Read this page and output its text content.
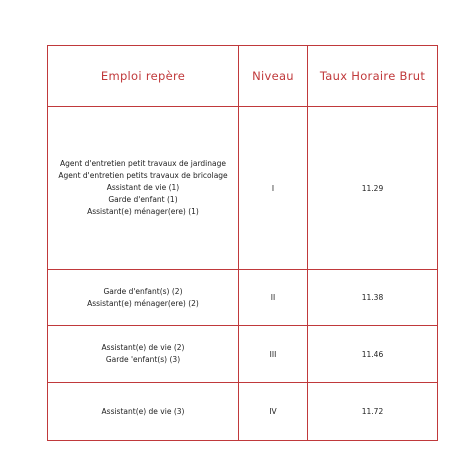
Emploi repère	Niveau	Taux Horaire Brut

Agent d'entretien petit travaux de jardinage
Agent d'entretien petits travaux de bricolage
Assistant de vie (1)
Garde d'enfant (1)
Assistant(e) ménager(ere) (1)	I	11.29

Garde d'enfant(s) (2)
Assistant(e) ménager(ere) (2)	II	11.38

Assistant(e) de vie (2)
Garde 'enfant(s) (3)	III	11.46

Assistant(e) de vie (3)	IV	11.72
